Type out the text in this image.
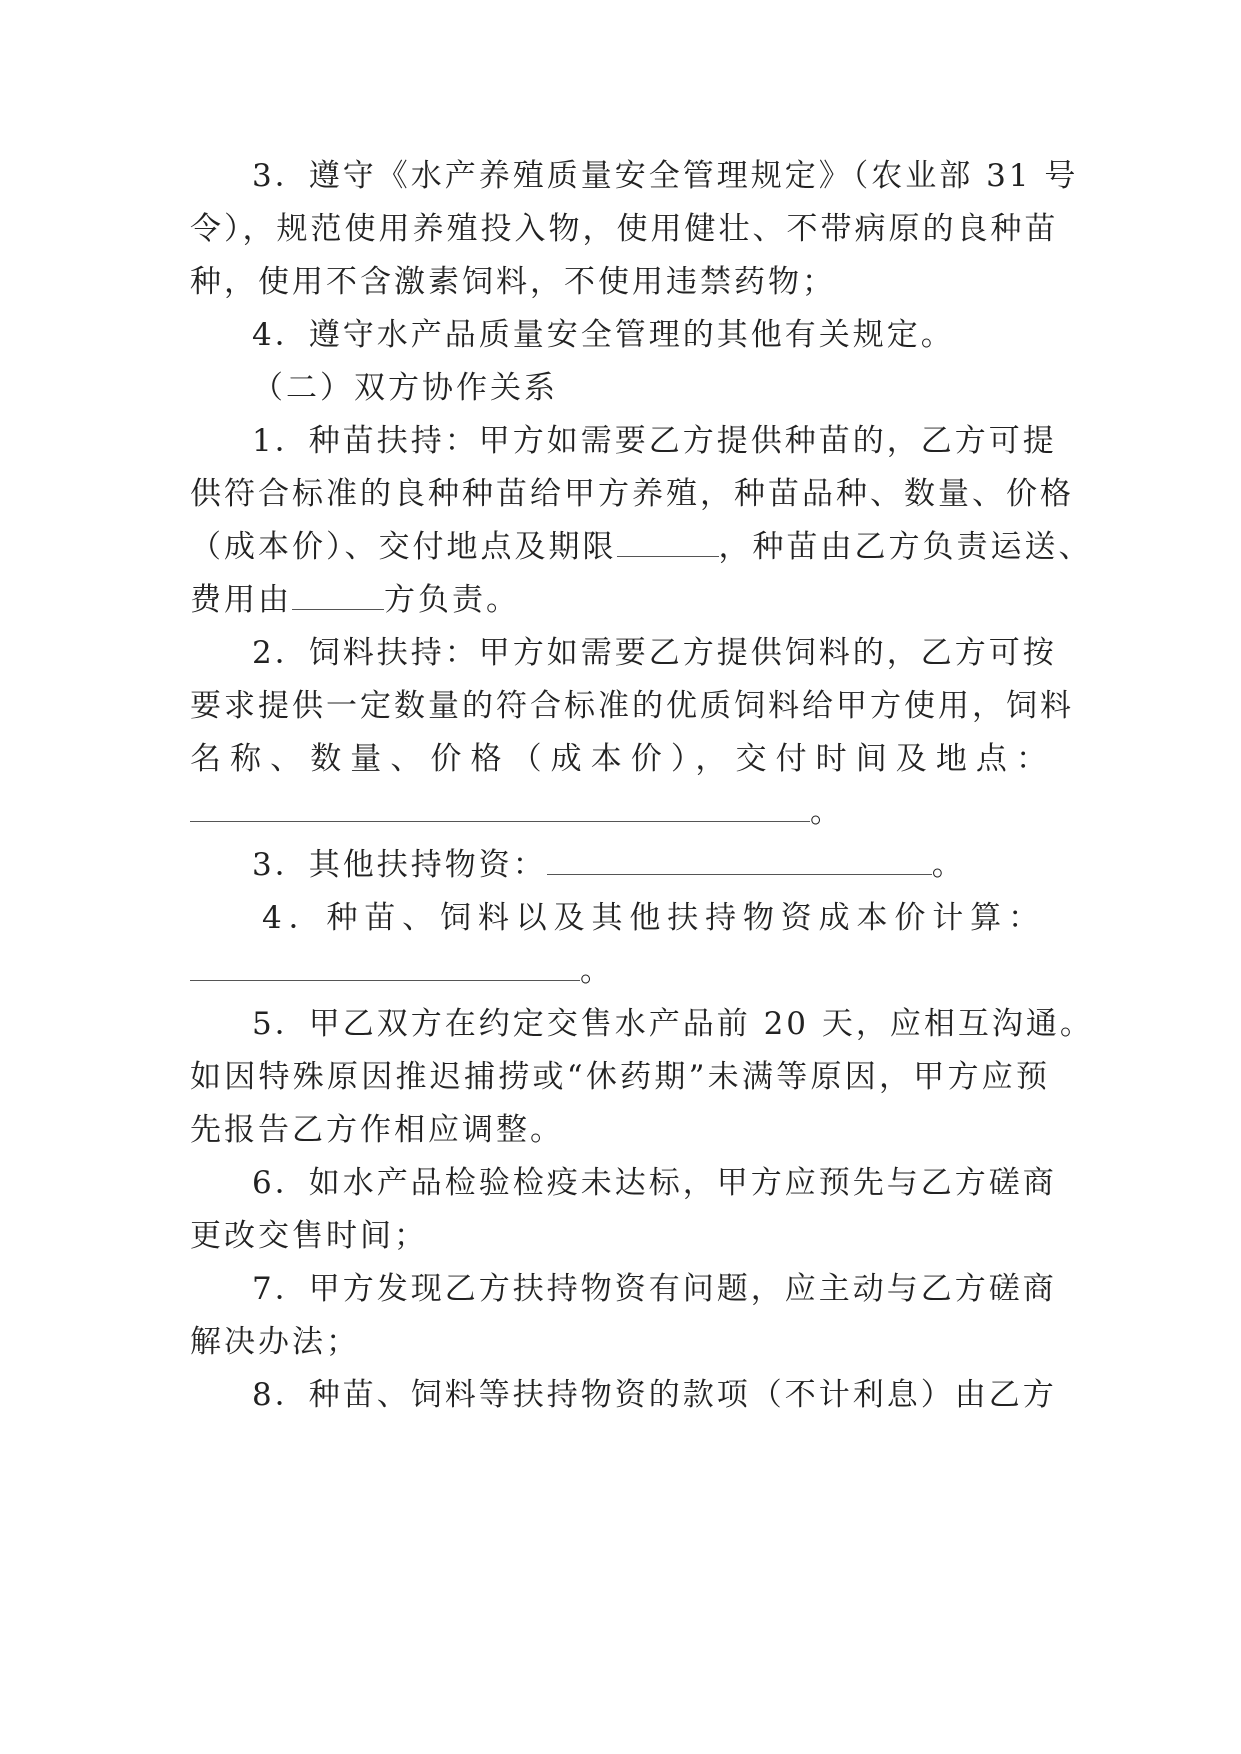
3．遵守《水产养殖质量安全管理规定》（农业部 31 号
令），规范使用养殖投入物，使用健壮、不带病原的良种苗
种，使用不含激素饲料，不使用违禁药物；
4．遵守水产品质量安全管理的其他有关规定。
（二）双方协作关系
1．种苗扶持：甲方如需要乙方提供种苗的，乙方可提
供符合标准的良种种苗给甲方养殖，种苗品种、数量、价格
（成本价）、交付地点及期限	，种苗由乙方负责运送、
费用由	方负责。
2．饲料扶持：甲方如需要乙方提供饲料的，乙方可按
要求提供一定数量的符合标准的优质饲料给甲方使用，饲料
名称、数量、价格（成本价），交付时间及地点：
。
3．其他扶持物资：	。
4．种苗、饲料以及其他扶持物资成本价计算：
。
5．甲乙双方在约定交售水产品前 20 天，应相互沟通。
如因特殊原因推迟捕捞或“休药期”未满等原因，甲方应预
先报告乙方作相应调整。
6．如水产品检验检疫未达标，甲方应预先与乙方磋商
更改交售时间；
7．甲方发现乙方扶持物资有问题，应主动与乙方磋商
解决办法；
8．种苗、饲料等扶持物资的款项（不计利息）由乙方
